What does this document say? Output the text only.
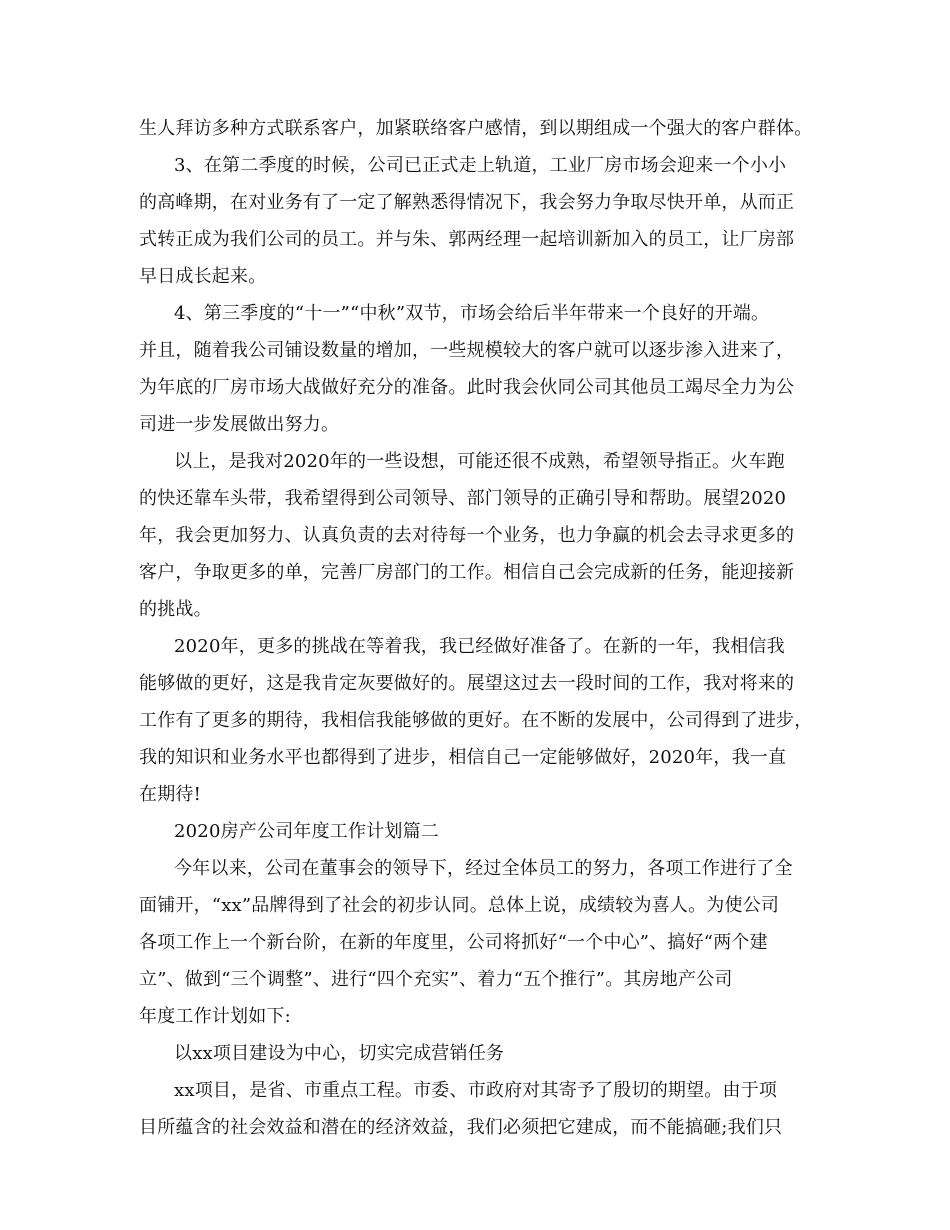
生人拜访多种方式联系客户，加紧联络客户感情，到以期组成一个强大的客户群体。
3、在第二季度的时候，公司已正式走上轨道，工业厂房市场会迎来一个小小
的高峰期，在对业务有了一定了解熟悉得情况下，我会努力争取尽快开单，从而正
式转正成为我们公司的员工。并与朱、郭两经理一起培训新加入的员工，让厂房部
早日成长起来。
4、第三季度的“十一”“中秋”双节，市场会给后半年带来一个良好的开端。
并且，随着我公司铺设数量的增加，一些规模较大的客户就可以逐步渗入进来了，
为年底的厂房市场大战做好充分的准备。此时我会伙同公司其他员工竭尽全力为公
司进一步发展做出努力。
以上，是我对2020年的一些设想，可能还很不成熟，希望领导指正。火车跑
的快还靠车头带，我希望得到公司领导、部门领导的正确引导和帮助。展望2020
年，我会更加努力、认真负责的去对待每一个业务，也力争赢的机会去寻求更多的
客户，争取更多的单，完善厂房部门的工作。相信自己会完成新的任务，能迎接新
的挑战。
2020年，更多的挑战在等着我，我已经做好准备了。在新的一年，我相信我
能够做的更好，这是我肯定灰要做好的。展望这过去一段时间的工作，我对将来的
工作有了更多的期待，我相信我能够做的更好。在不断的发展中，公司得到了进步，
我的知识和业务水平也都得到了进步，相信自己一定能够做好，2020年，我一直
在期待!
2020房产公司年度工作计划篇二
今年以来，公司在董事会的领导下，经过全体员工的努力，各项工作进行了全
面铺开，“xx”品牌得到了社会的初步认同。总体上说，成绩较为喜人。为使公司
各项工作上一个新台阶，在新的年度里，公司将抓好“一个中心”、搞好“两个建
立”、做到“三个调整”、进行“四个充实”、着力“五个推行”。其房地产公司
年度工作计划如下:
以xx项目建设为中心，切实完成营销任务
xx项目，是省、市重点工程。市委、市政府对其寄予了殷切的期望。由于项
目所蕴含的社会效益和潜在的经济效益，我们必须把它建成，而不能搞砸;我们只
